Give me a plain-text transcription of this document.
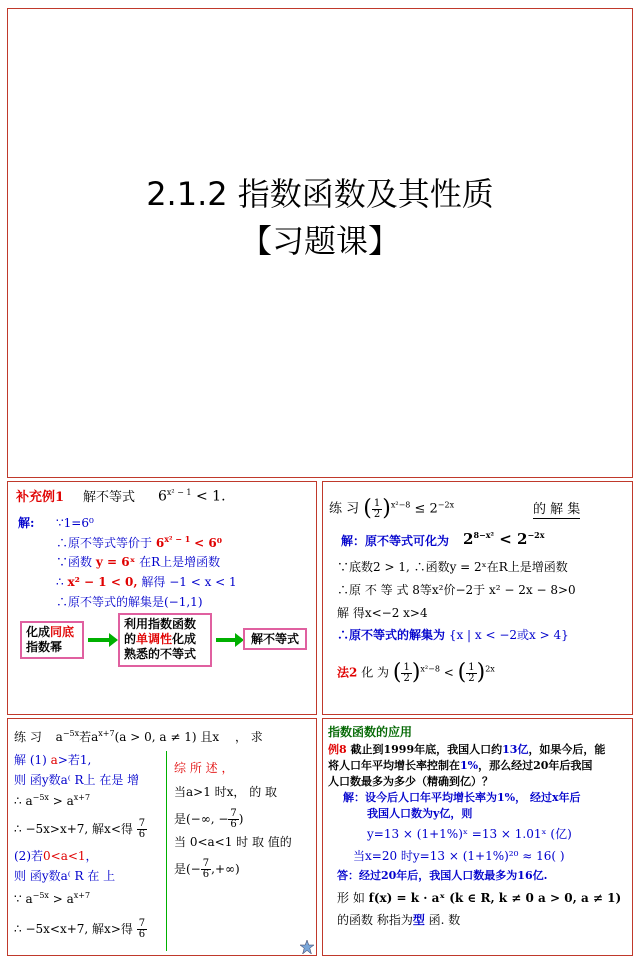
2.1.2 指数函数及其性质
【习题课】
补充例1 解不等式 $6^{x^2 - 1} < 1$.
解: ∵1=6⁰
∴原不等式等价于 $6^{x^2 - 1} < 6^0$
∵函数 y = 6ˣ 在R上是增函数
∴ x² − 1 < 0, 解得 −1 < x < 1
∴原不等式的解集是(−1,1)
化成同底
指数幂
利用指数函数
的单调性化成
熟悉的不等式
解不等式
练 习 ( $\frac{1}{2} )^{x^2-8} \le 2^{-2x}$	的 解 集
解：原不等式可化为 $2^{8-x^2} < 2^{-2x}$
∵底数2 > 1, ∴函数y = 2ˣ在R上是增函数
∴原 不 等 式 8等x²价−2于 x² − 2x − 8>0
解 得x<−2 x>4
∴原不等式的解集为 {x | x < −2或x > 4}
法2 化 为 ( $\frac{1}{2} )^{x^2-8}$ < ( $\frac{1}{2} )^{2x}$
练 习 $a^{-5x}$若$a^{x+7}(a > 0$, a ≠ 1) 且x ， 求
解 (1) a>若1,
则 函y数a⁽ R上 在是 增
∴ $a^{-5x} > a^{x+7}$
∴ −5x>x+7, 解x<得 $\frac{7}{6}$
(2)若0<a<1，
则 函y数a⁽ R 在 上
∵ $a^{-5x} > a^{x+7}$
∴ −5x<x+7, 解x>得 $\frac{7}{6}$
综 所 述 ，
当a>1 时x， 的 取
是(−∞, − $\frac{7}{6}$ )
当 0<a<1 时 取 值的
是(− $\frac{7}{6}$ ,+∞)
指数函数的应用
例8 截止到1999年底，我国人口约13亿，如果今后，能
将人口年平均增长率控制在1%，那么经过20年后我国
人口数最多为多少（精确到亿）？
解：设今后人口年平均增长率为1%， 经过x年后
我国人口数为y亿，则
y=13 × (1+1%)ˣ =13 × 1.01ˣ (亿)
当x=20 时y=13 × (1+1%)²⁰ ≈ 16( )
答：经过20年后，我国人口数最多为16亿.
形 如 f(x) = k · aˣ (k ∈ R, k ≠ 0 a > 0, a ≠ 1)
的函数 称指为型 函. 数
